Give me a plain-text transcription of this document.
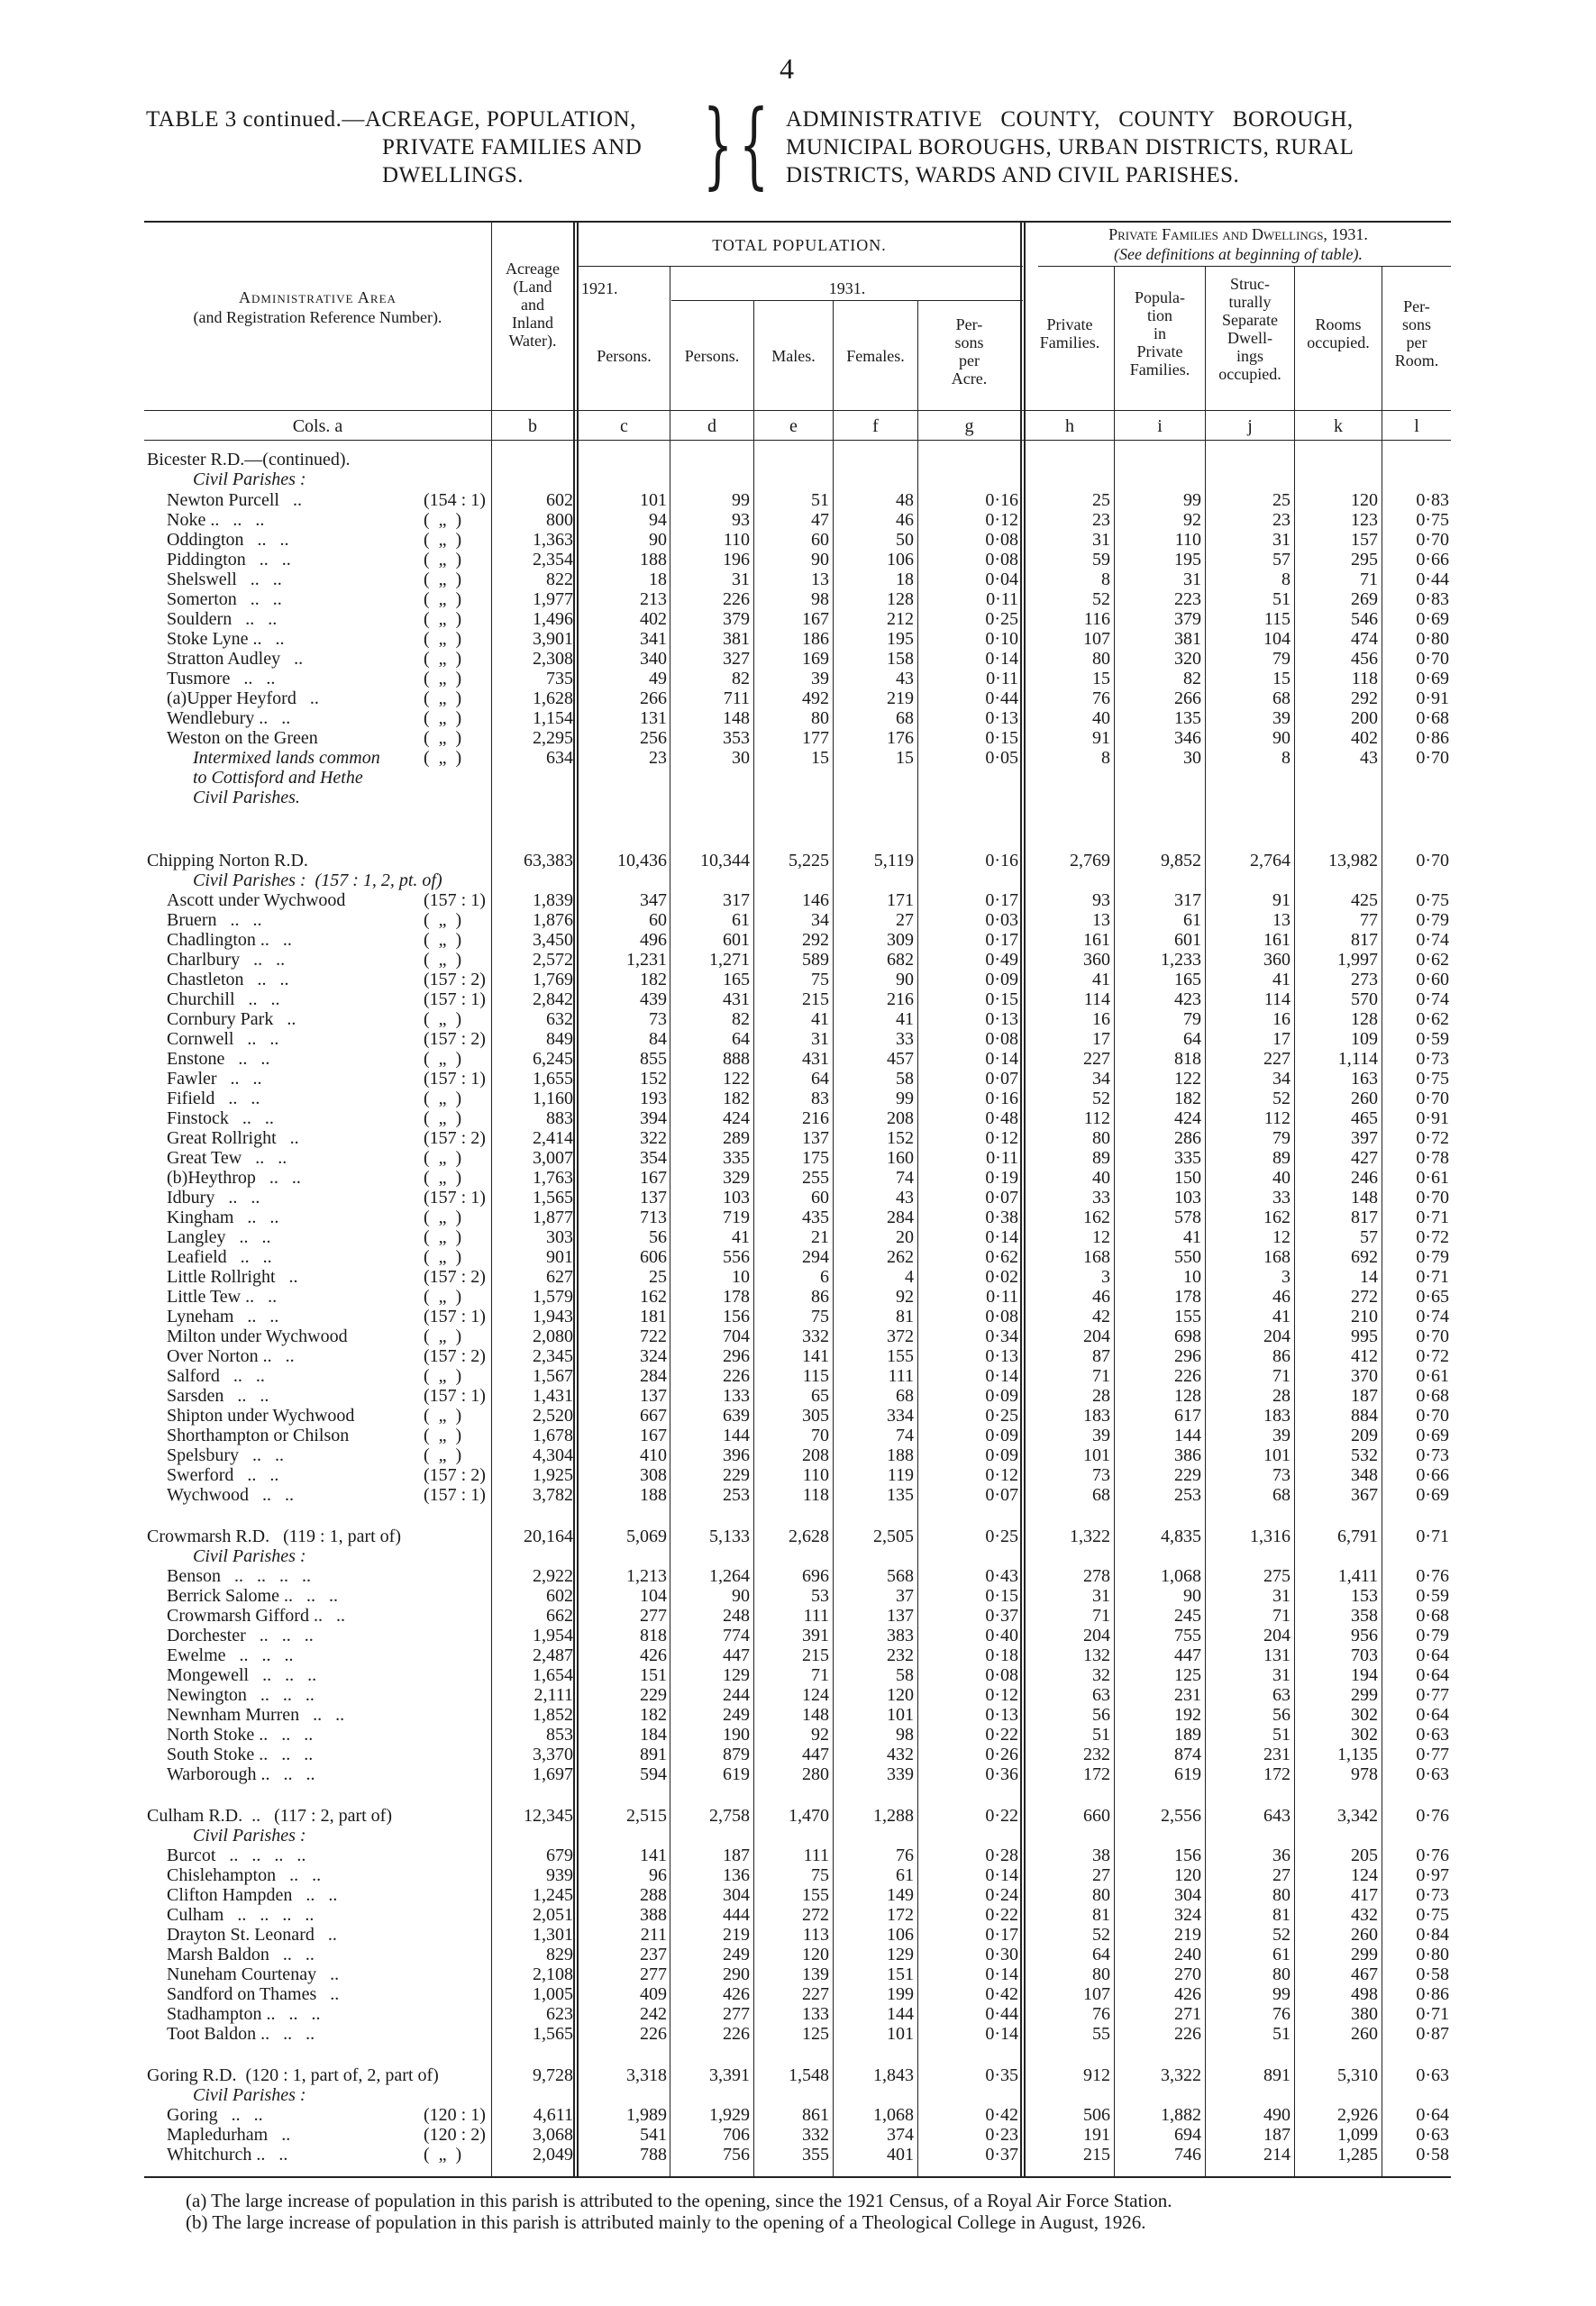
4
TABLE 3 continued.—ACREAGE, POPULATION,
PRIVATE FAMILIES AND
DWELLINGS.	} { ADMINISTRATIVE   COUNTY,   COUNTY   BOROUGH,
MUNICIPAL BOROUGHS, URBAN DISTRICTS, RURAL
DISTRICTS, WARDS AND CIVIL PARISHES.
Administrative Area
(and Registration Reference Number).
Acreage
(Land
and
Inland
Water).
TOTAL POPULATION.
1921.	1931.
Persons.	Persons.	Males.	Females.
Per-
sons
per
Acre.
Private Families and Dwellings, 1931.
(See definitions at beginning of table).
Private
Families.
Popula-
tion
in
Private
Families.
Struc-
turally
Separate
Dwell-
ings
occupied.
Rooms
occupied.
Per-
sons
per
Room.
Cols. a	b	c	d	e	f	g	h	i	j	k	l
Bicester R.D.—(continued).
Civil Parishes :
Newton Purcell   ..	(154 : 1)	602	101	99	51	48	0·16	25	99	25	120 0·83
Noke ..   ..   ..	(  „  )	800	94	93	47	46	0·12	23	92	23	123 0·75
Oddington   ..   ..	(  „  )	1,363	90	110	60	50	0·08	31	110	31	157 0·70
Piddington   ..   ..	(  „  )	2,354	188	196	90	106	0·08	59	195	57	295 0·66
Shelswell   ..   ..	(  „  )	822	18	31	13	18	0·04	8	31	8	71 0·44
Somerton   ..   ..	(  „  )	1,977	213	226	98	128	0·11	52	223	51	269 0·83
Souldern   ..   ..	(  „  )	1,496	402	379	167	212	0·25	116	379	115	546 0·69
Stoke Lyne ..   ..	(  „  )	3,901	341	381	186	195	0·10	107	381	104	474 0·80
Stratton Audley   ..	(  „  )	2,308	340	327	169	158	0·14	80	320	79	456 0·70
Tusmore   ..   ..	(  „  )	735	49	82	39	43	0·11	15	82	15	118 0·69
(a)Upper Heyford   ..	(  „  )	1,628	266	711	492	219	0·44	76	266	68	292 0·91
Wendlebury ..   ..	(  „  )	1,154	131	148	80	68	0·13	40	135	39	200 0·68
Weston on the Green	(  „  )	2,295	256	353	177	176	0·15	91	346	90	402 0·86
Intermixed lands common (  „  )	634	23	30	15	15	0·05	8	30	8	43 0·70
to Cottisford and Hethe
Civil Parishes.
Chipping Norton R.D.	63,383 10,436 10,344 5,225 5,119	0·16	2,769	9,852	2,764 13,982 0·70
Civil Parishes :  (157 : 1, 2, pt. of)
Ascott under Wychwood	(157 : 1)	1,839	347	317	146	171	0·17	93	317	91	425 0·75
Bruern   ..   ..	(  „  )	1,876	60	61	34	27	0·03	13	61	13	77 0·79
Chadlington ..   ..	(  „  )	3,450	496	601	292	309	0·17	161	601	161	817 0·74
Charlbury   ..   ..	(  „  )	2,572	1,231 1,271	589	682	0·49	360	1,233	360	1,997 0·62
Chastleton   ..   ..	(157 : 2)	1,769	182	165	75	90	0·09	41	165	41	273 0·60
Churchill   ..   ..	(157 : 1)	2,842	439	431	215	216	0·15	114	423	114	570 0·74
Cornbury Park   ..	(  „  )	632	73	82	41	41	0·13	16	79	16	128 0·62
Cornwell   ..   ..	(157 : 2)	849	84	64	31	33	0·08	17	64	17	109 0·59
Enstone   ..   ..	(  „  )	6,245	855	888	431	457	0·14	227	818	227	1,114 0·73
Fawler   ..   ..	(157 : 1)	1,655	152	122	64	58	0·07	34	122	34	163 0·75
Fifield   ..   ..	(  „  )	1,160	193	182	83	99	0·16	52	182	52	260 0·70
Finstock   ..   ..	(  „  )	883	394	424	216	208	0·48	112	424	112	465 0·91
Great Rollright   ..	(157 : 2)	2,414	322	289	137	152	0·12	80	286	79	397 0·72
Great Tew   ..   ..	(  „  )	3,007	354	335	175	160	0·11	89	335	89	427 0·78
(b)Heythrop   ..   ..	(  „  )	1,763	167	329	255	74	0·19	40	150	40	246 0·61
Idbury   ..   ..	(157 : 1)	1,565	137	103	60	43	0·07	33	103	33	148 0·70
Kingham   ..   ..	(  „  )	1,877	713	719	435	284	0·38	162	578	162	817 0·71
Langley   ..   ..	(  „  )	303	56	41	21	20	0·14	12	41	12	57 0·72
Leafield   ..   ..	(  „  )	901	606	556	294	262	0·62	168	550	168	692 0·79
Little Rollright   ..	(157 : 2)	627	25	10	6	4	0·02	3	10	3	14 0·71
Little Tew ..   ..	(  „  )	1,579	162	178	86	92	0·11	46	178	46	272 0·65
Lyneham   ..   ..	(157 : 1)	1,943	181	156	75	81	0·08	42	155	41	210 0·74
Milton under Wychwood	(  „  )	2,080	722	704	332	372	0·34	204	698	204	995 0·70
Over Norton ..   ..	(157 : 2)	2,345	324	296	141	155	0·13	87	296	86	412 0·72
Salford   ..   ..	(  „  )	1,567	284	226	115	111	0·14	71	226	71	370 0·61
Sarsden   ..   ..	(157 : 1)	1,431	137	133	65	68	0·09	28	128	28	187 0·68
Shipton under Wychwood	(  „  )	2,520	667	639	305	334	0·25	183	617	183	884 0·70
Shorthampton or Chilson	(  „  )	1,678	167	144	70	74	0·09	39	144	39	209 0·69
Spelsbury   ..   ..	(  „  )	4,304	410	396	208	188	0·09	101	386	101	532 0·73
Swerford   ..   ..	(157 : 2)	1,925	308	229	110	119	0·12	73	229	73	348 0·66
Wychwood   ..   ..	(157 : 1)	3,782	188	253	118	135	0·07	68	253	68	367 0·69
Crowmarsh R.D.   (119 : 1, part of)	20,164	5,069 5,133 2,628 2,505	0·25	1,322	4,835	1,316	6,791 0·71
Civil Parishes :
Benson   ..   ..   ..   ..	2,922	1,213 1,264	696	568	0·43	278	1,068	275	1,411 0·76
Berrick Salome ..   ..   ..	602	104	90	53	37	0·15	31	90	31	153 0·59
Crowmarsh Gifford ..   ..	662	277	248	111	137	0·37	71	245	71	358 0·68
Dorchester   ..   ..   ..	1,954	818	774	391	383	0·40	204	755	204	956 0·79
Ewelme   ..   ..   ..	2,487	426	447	215	232	0·18	132	447	131	703 0·64
Mongewell   ..   ..   ..	1,654	151	129	71	58	0·08	32	125	31	194 0·64
Newington   ..   ..   ..	2,111	229	244	124	120	0·12	63	231	63	299 0·77
Newnham Murren   ..   ..	1,852	182	249	148	101	0·13	56	192	56	302 0·64
North Stoke ..   ..   ..	853	184	190	92	98	0·22	51	189	51	302 0·63
South Stoke ..   ..   ..	3,370	891	879	447	432	0·26	232	874	231	1,135 0·77
Warborough ..   ..   ..	1,697	594	619	280	339	0·36	172	619	172	978 0·63
Culham R.D.  ..   (117 : 2, part of)	12,345	2,515 2,758 1,470 1,288	0·22	660	2,556	643	3,342 0·76
Civil Parishes :
Burcot   ..   ..   ..   ..	679	141	187	111	76	0·28	38	156	36	205 0·76
Chislehampton   ..   ..	939	96	136	75	61	0·14	27	120	27	124 0·97
Clifton Hampden   ..   ..	1,245	288	304	155	149	0·24	80	304	80	417 0·73
Culham   ..   ..   ..   ..	2,051	388	444	272	172	0·22	81	324	81	432 0·75
Drayton St. Leonard   ..	1,301	211	219	113	106	0·17	52	219	52	260 0·84
Marsh Baldon   ..   ..	829	237	249	120	129	0·30	64	240	61	299 0·80
Nuneham Courtenay   ..	2,108	277	290	139	151	0·14	80	270	80	467 0·58
Sandford on Thames   ..	1,005	409	426	227	199	0·42	107	426	99	498 0·86
Stadhampton ..   ..   ..	623	242	277	133	144	0·44	76	271	76	380 0·71
Toot Baldon ..   ..   ..	1,565	226	226	125	101	0·14	55	226	51	260 0·87
Goring R.D.  (120 : 1, part of, 2, part of)	9,728	3,318 3,391 1,548 1,843	0·35	912	3,322	891	5,310 0·63
Civil Parishes :
Goring   ..   ..	(120 : 1)	4,611	1,989 1,929	861 1,068	0·42	506	1,882	490	2,926 0·64
Mapledurham   ..	(120 : 2)	3,068	541	706	332	374	0·23	191	694	187	1,099 0·63
Whitchurch ..   ..	(  „  )	2,049	788	756	355	401	0·37	215	746	214	1,285 0·58
(a) The large increase of population in this parish is attributed to the opening, since the 1921 Census, of a Royal Air Force Station.
(b) The large increase of population in this parish is attributed mainly to the opening of a Theological College in August, 1926.
